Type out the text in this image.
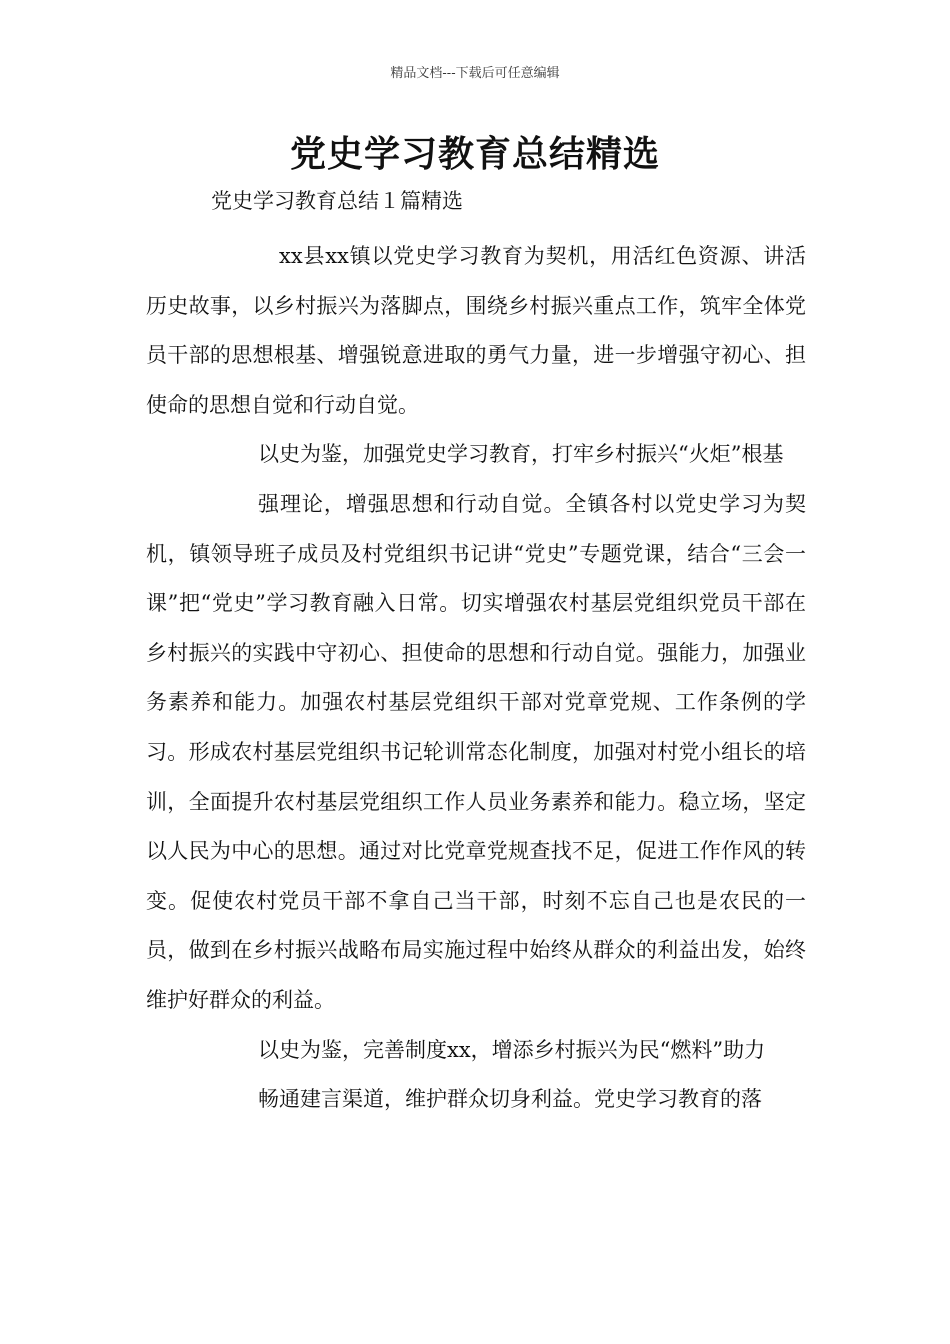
精品文档---下载后可任意编辑
党史学习教育总结精选

党史学习教育总结１篇精选

xx县xx镇以党史学习教育为契机，用活红色资源、讲活历史故事，以乡村振兴为落脚点，围绕乡村振兴重点工作，筑牢全体党员干部的思想根基、增强锐意进取的勇气力量，进一步增强守初心、担使命的思想自觉和行动自觉。

以史为鉴，加强党史学习教育，打牢乡村振兴“火炬”根基

强理论，增强思想和行动自觉。全镇各村以党史学习为契机，镇领导班子成员及村党组织书记讲“党史”专题党课，结合“三会一课”把“党史”学习教育融入日常。切实增强农村基层党组织党员干部在乡村振兴的实践中守初心、担使命的思想和行动自觉。强能力，加强业务素养和能力。加强农村基层党组织干部对党章党规、工作条例的学习。形成农村基层党组织书记轮训常态化制度，加强对村党小组长的培训，全面提升农村基层党组织工作人员业务素养和能力。稳立场，坚定以人民为中心的思想。通过对比党章党规查找不足，促进工作作风的转变。促使农村党员干部不拿自己当干部，时刻不忘自己也是农民的一员，做到在乡村振兴战略布局实施过程中始终从群众的利益出发，始终维护好群众的利益。

以史为鉴，完善制度xx，增添乡村振兴为民“燃料”助力

畅通建言渠道，维护群众切身利益。党史学习教育的落
